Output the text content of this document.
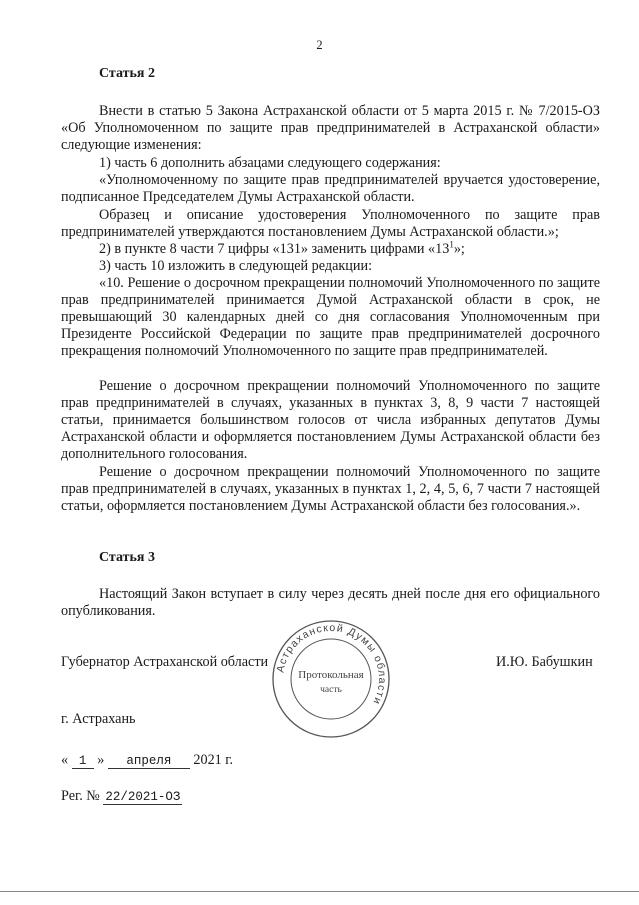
2
Статья 2

Внести в статью 5 Закона Астраханской области от 5 марта 2015 г. № 7/2015-ОЗ «Об Уполномоченном по защите прав предпринимателей в Астраханской области» следующие изменения:

1) часть 6 дополнить абзацами следующего содержания:

«Уполномоченному по защите прав предпринимателей вручается удостоверение, подписанное Председателем Думы Астраханской области.

Образец и описание удостоверения Уполномоченного по защите прав предпринимателей утверждаются постановлением Думы Астраханской области.»;

2) в пункте 8 части 7 цифры «131» заменить цифрами «$13^1$»;

3) часть 10 изложить в следующей редакции:

«10. Решение о досрочном прекращении полномочий Уполномоченного по защите прав предпринимателей принимается Думой Астраханской области в срок, не превышающий 30 календарных дней со дня согласования Уполномоченным при Президенте Российской Федерации по защите прав предпринимателей досрочного прекращения полномочий Уполномоченного по защите прав предпринимателей.

Решение о досрочном прекращении полномочий Уполномоченного по защите прав предпринимателей в случаях, указанных в пунктах 3, 8, 9 части 7 настоящей статьи, принимается большинством голосов от числа избранных депутатов Думы Астраханской области и оформляется постановлением Думы Астраханской области без дополнительного голосования.

Решение о досрочном прекращении полномочий Уполномоченного по защите прав предпринимателей в случаях, указанных в пунктах 1, 2, 4, 5, 6, 7 части 7 настоящей статьи, оформляется постановлением Думы Астраханской области без голосования.».

Статья 3

Настоящий Закон вступает в силу через десять дней после дня его официального опубликования.

Губернатор Астраханской области	И.Ю. Бабушкин
Астраханской Думы области
Протокольная
часть
г. Астрахань
« 1 » апреля 2021 г.
Рег. № 22/2021-ОЗ
